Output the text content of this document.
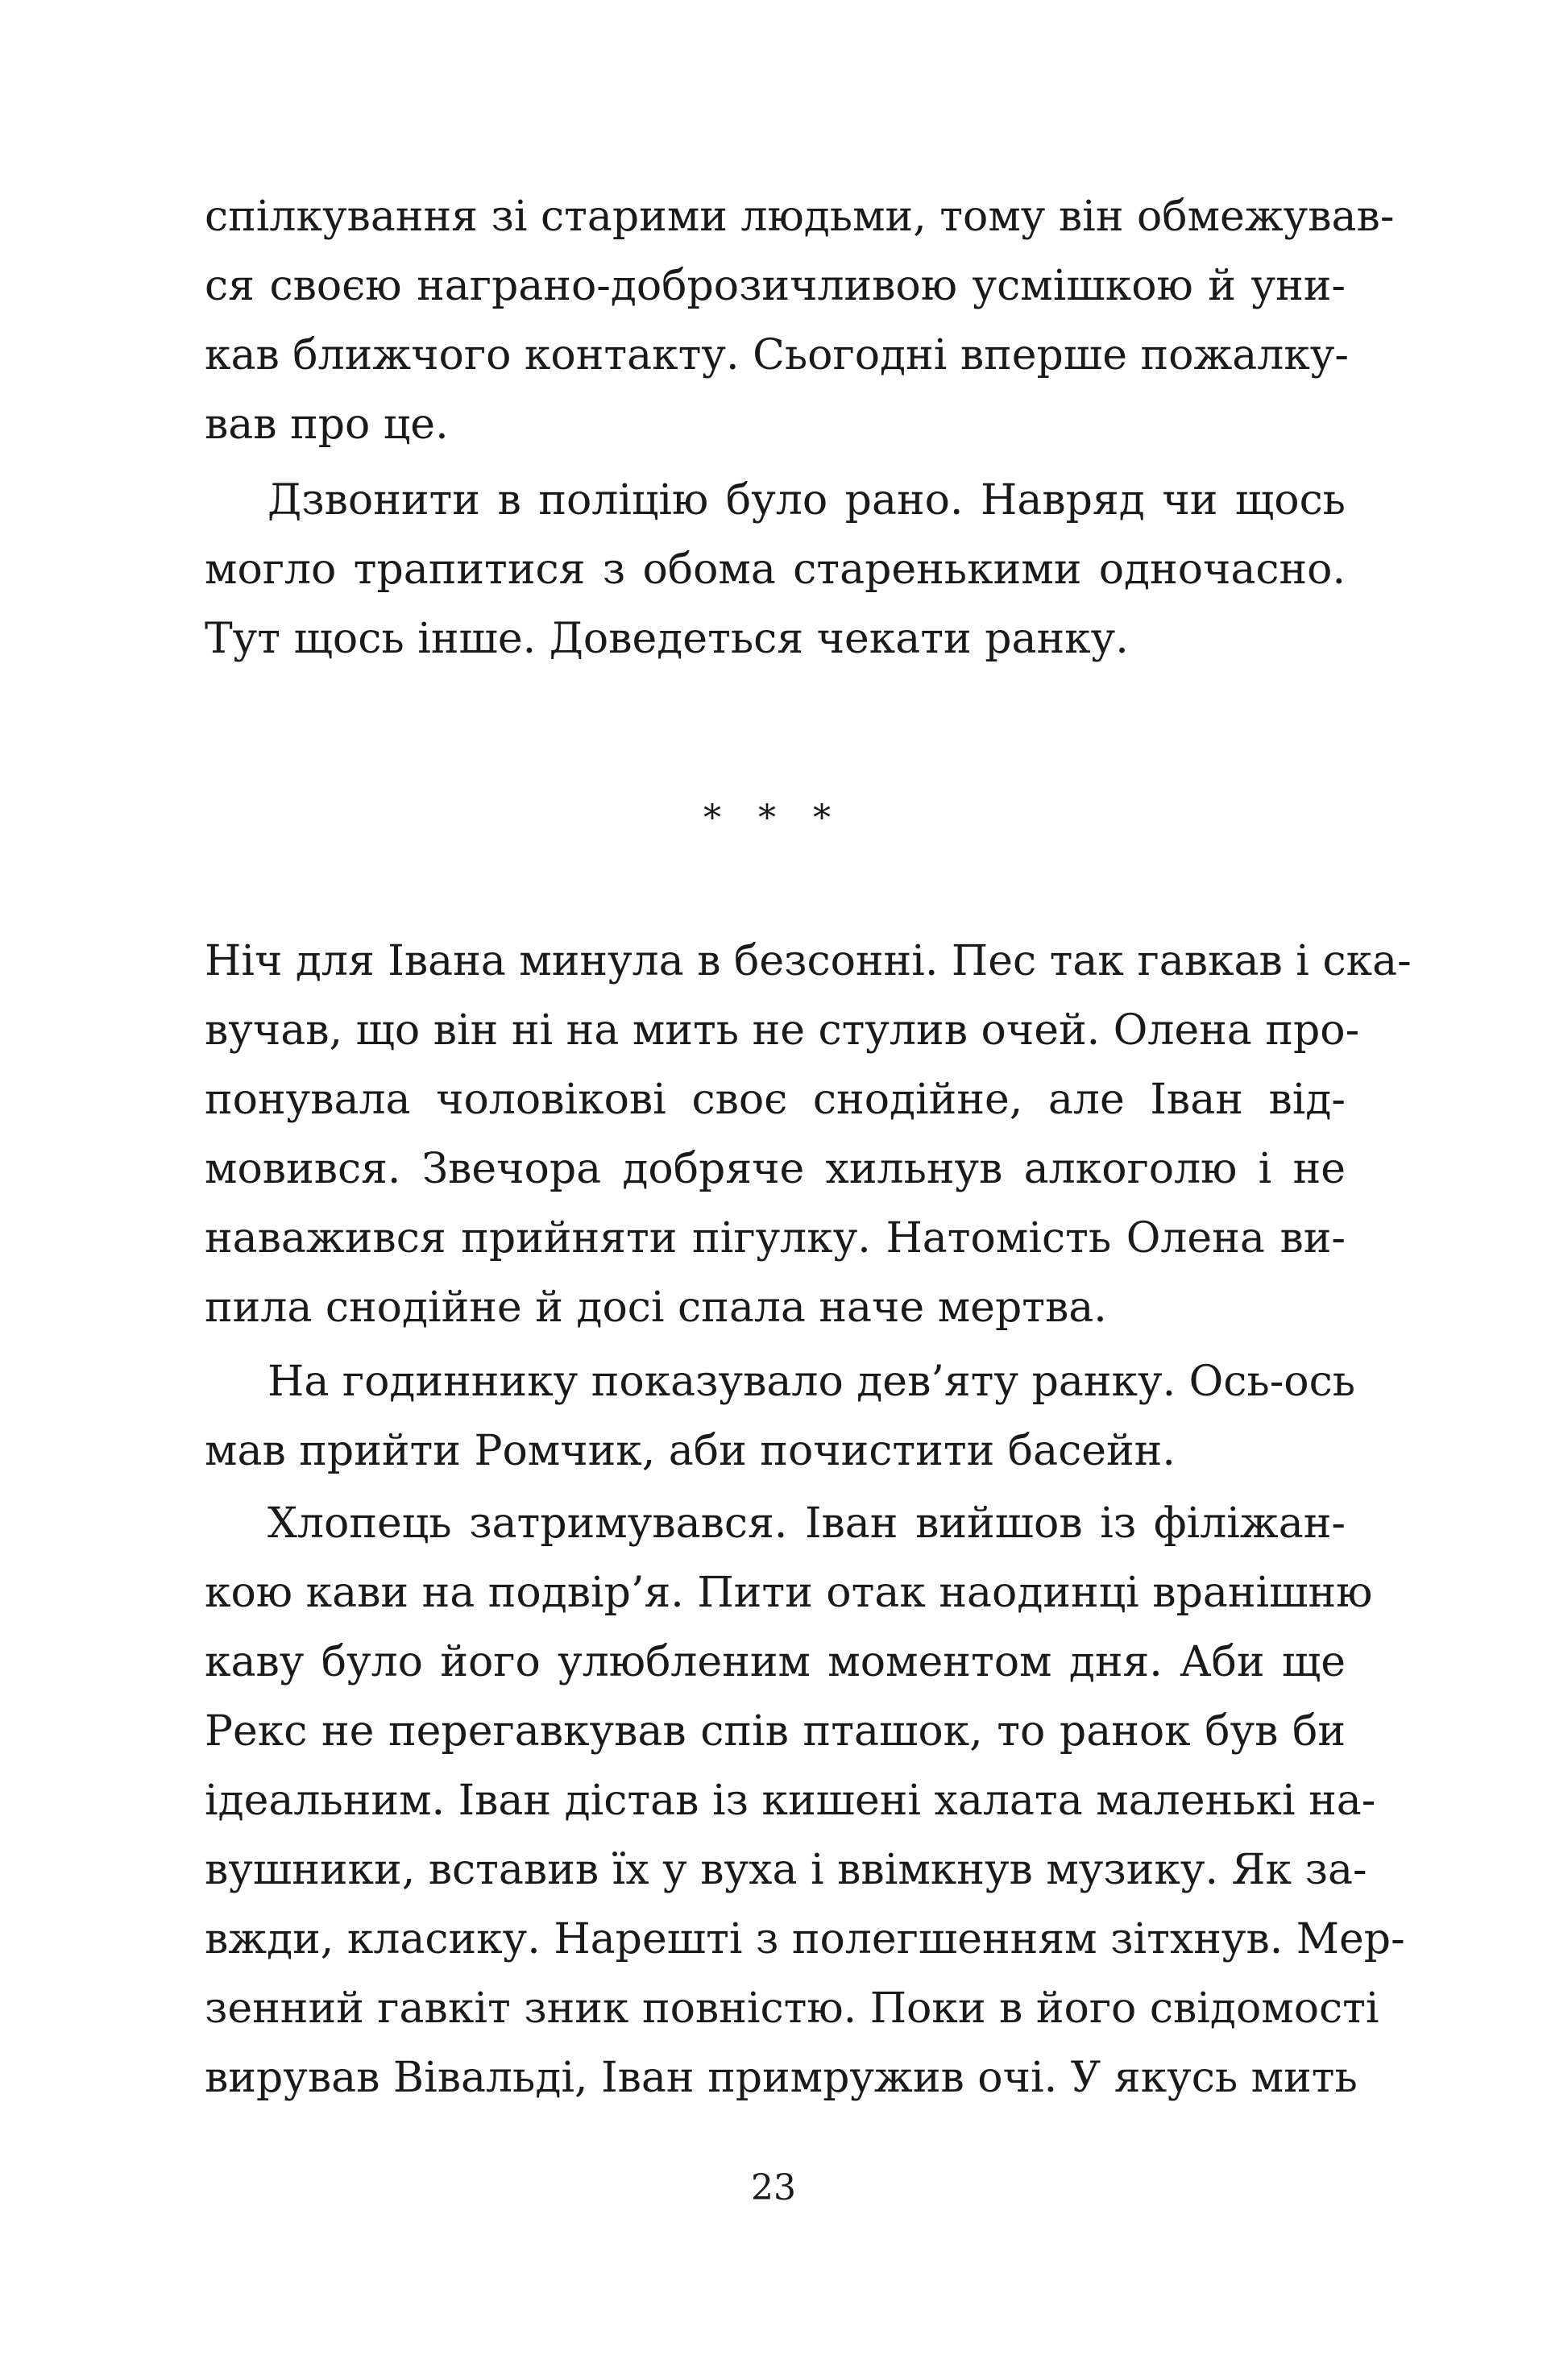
спілкування зі старими людьми, тому він обмежував-
ся своєю награно-доброзичливою усмішкою й уни-
кав ближчого контакту. Сьогодні вперше пожалку-
вав про це.
Дзвонити в поліцію було рано. Навряд чи щось
могло трапитися з обома старенькими одночасно.
Тут щось інше. Доведеться чекати ранку.
* * *
Ніч для Івана минула в безсонні. Пес так гавкав і ска-
вучав, що він ні на мить не стулив очей. Олена про-
понувала чоловікові своє снодійне, але Іван від-
мовився. Звечора добряче хильнув алкоголю і не
наважився прийняти пігулку. Натомість Олена ви-
пила снодійне й досі спала наче мертва.
На годиннику показувало дев’яту ранку. Ось-ось
мав прийти Ромчик, аби почистити басейн.
Хлопець затримувався. Іван вийшов із філіжан-
кою кави на подвір’я. Пити отак наодинці вранішню
каву було його улюбленим моментом дня. Аби ще
Рекс не перегавкував спів пташок, то ранок був би
ідеальним. Іван дістав із кишені халата маленькі на-
вушники, вставив їх у вуха і ввімкнув музику. Як за-
вжди, класику. Нарешті з полегшенням зітхнув. Мер-
зенний гавкіт зник повністю. Поки в його свідомості
вирував Вівальді, Іван примружив очі. У якусь мить
23
